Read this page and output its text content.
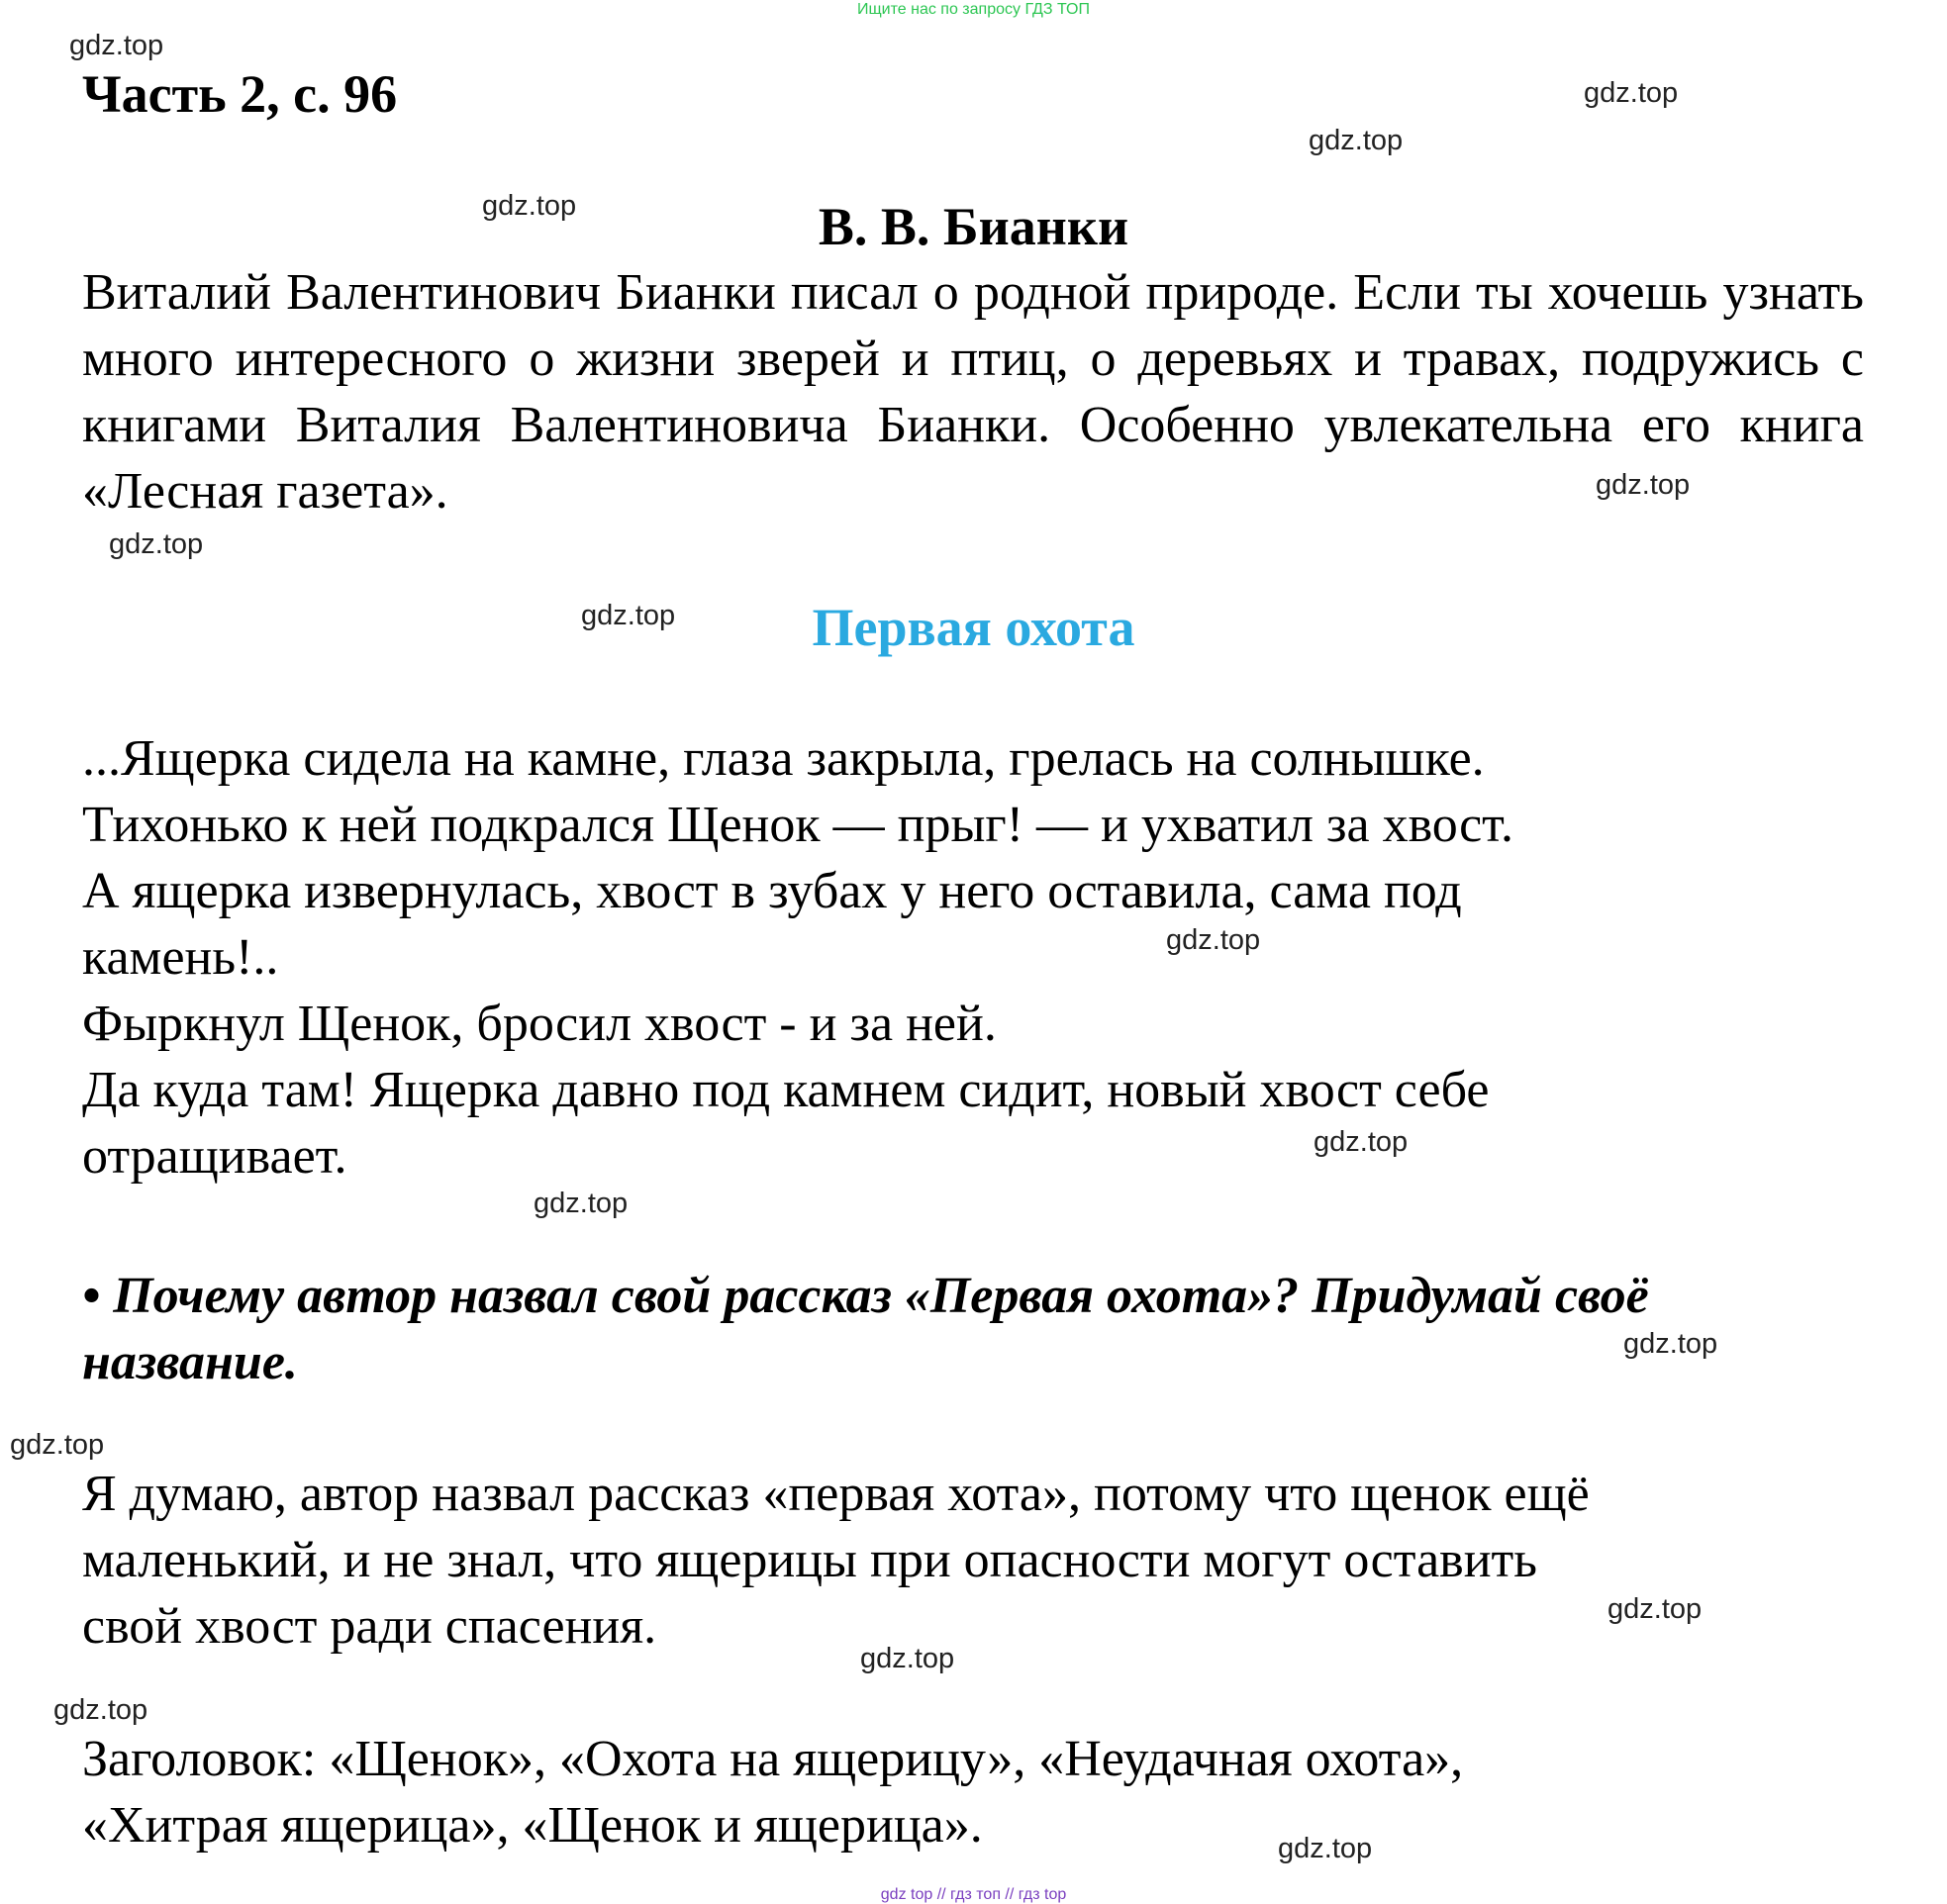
Ищите нас по запросу ГДЗ ТОП
gdz.top
gdz.top
gdz.top
gdz.top
gdz.top
gdz.top
gdz.top
gdz.top
gdz.top
gdz.top
gdz.top
gdz.top
gdz.top
gdz.top
gdz.top
gdz.top
Часть 2, с. 96
В. В. Бианки
Виталий Валентинович Бианки писал о родной природе. Если ты хочешь узнать много интересного о жизни зверей и птиц, о деревьях и травах, подружись с книгами Виталия Валентиновича Бианки. Особенно увлекательна его книга «Лесная газета».
Первая охота
...Ящерка сидела на камне, глаза закрыла, грелась на солнышке.
Тихонько к ней подкрался Щенок — прыг! — и ухватил за хвост.
А ящерка извернулась, хвост в зубах у него оставила, сама под
камень!..
Фыркнул Щенок, бросил хвост - и за ней.
Да куда там! Ящерка давно под камнем сидит, новый хвост себе
отращивает.
• Почему автор назвал свой рассказ «Первая охота»? Придумай своё название.
Я думаю, автор назвал рассказ «первая хота», потому что щенок ещё
маленький, и не знал, что ящерицы при опасности могут оставить
свой хвост ради спасения.
Заголовок: «Щенок», «Охота на ящерицу», «Неудачная охота»,
«Хитрая ящерица», «Щенок и ящерица».
gdz top // гдз топ // гдз top
